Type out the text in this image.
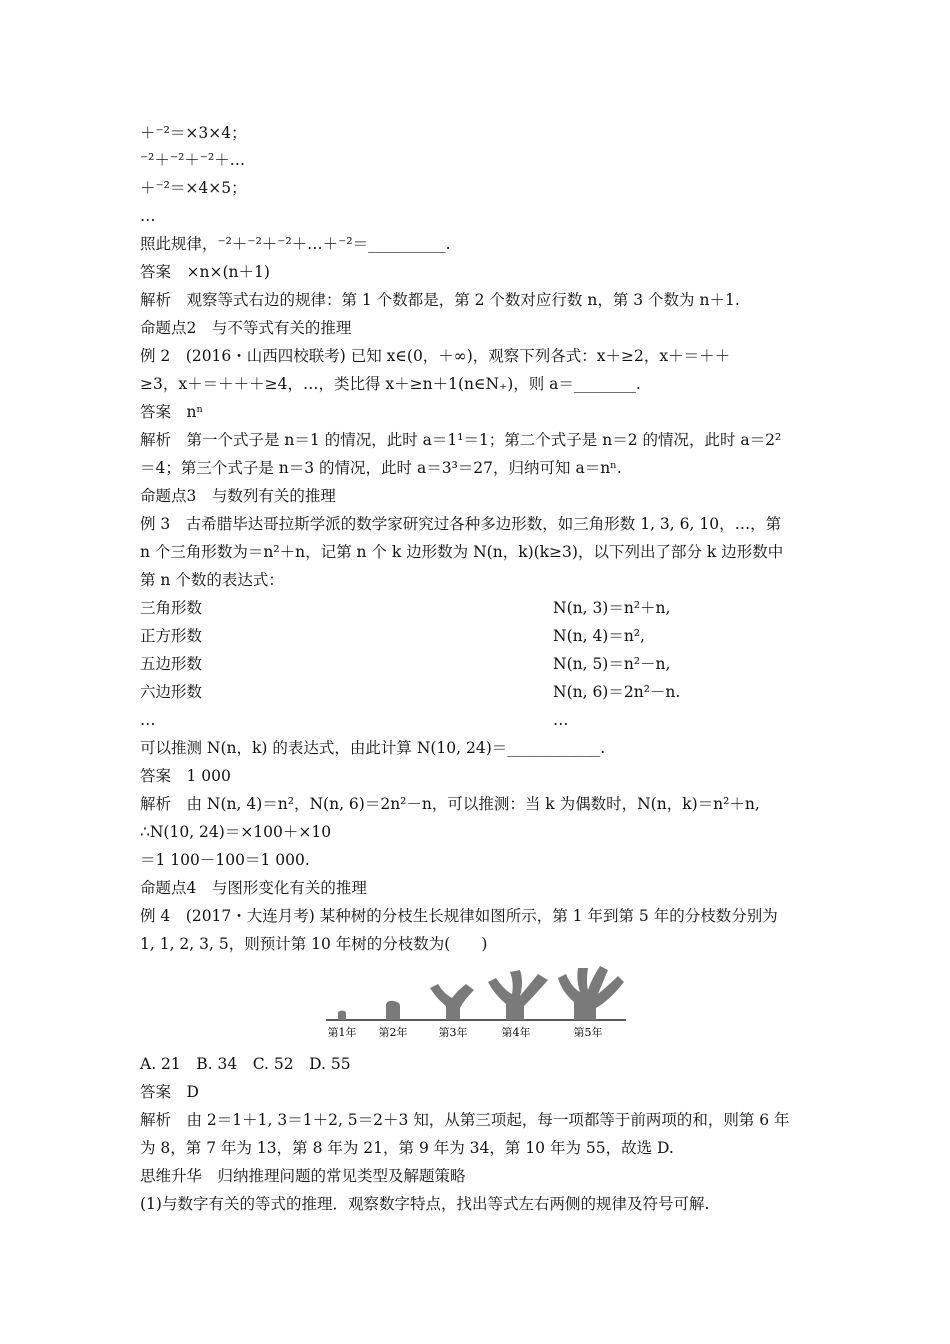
＋⁻²＝×3×4；
⁻²＋⁻²＋⁻²＋…
＋⁻²＝×4×5；
…
照此规律，⁻²＋⁻²＋⁻²＋…＋⁻²＝__________.
答案　×n×(n＋1)
解析　观察等式右边的规律：第 1 个数都是，第 2 个数对应行数 n，第 3 个数为 n＋1.
命题点2　与不等式有关的推理
例 2　(2016・山西四校联考) 已知 x∈(0，＋∞)，观察下列各式：x＋≥2，x＋＝＋＋
≥3，x＋＝＋＋＋≥4，…，类比得 x＋≥n＋1(n∈N₊)，则 a＝________.
答案　nⁿ
解析　第一个式子是 n＝1 的情况，此时 a＝1¹＝1；第二个式子是 n＝2 的情况，此时 a＝2²
＝4；第三个式子是 n＝3 的情况，此时 a＝3³＝27，归纳可知 a＝nⁿ.
命题点3　与数列有关的推理
例 3　古希腊毕达哥拉斯学派的数学家研究过各种多边形数，如三角形数 1, 3, 6, 10，…，第
n 个三角形数为＝n²＋n，记第 n 个 k 边形数为 N(n，k)(k≥3)，以下列出了部分 k 边形数中
第 n 个数的表达式：
三角形数	N(n, 3)＝n²＋n,
正方形数	N(n, 4)＝n²,
五边形数	N(n, 5)＝n²－n,
六边形数	N(n, 6)＝2n²－n.
…	…
可以推测 N(n，k) 的表达式，由此计算 N(10, 24)＝____________.
答案　1 000
解析　由 N(n, 4)＝n²，N(n, 6)＝2n²－n，可以推测：当 k 为偶数时，N(n，k)＝n²＋n,
∴N(10, 24)＝×100＋×10
＝1 100－100＝1 000.
命题点4　与图形变化有关的推理
例 4　(2017・大连月考) 某种树的分枝生长规律如图所示，第 1 年到第 5 年的分枝数分别为
1, 1, 2, 3, 5，则预计第 10 年树的分枝数为(　　)
第1年 第2年	第3年	第4年	第5年
A. 21　B. 34　C. 52　D. 55
答案　D
解析　由 2＝1＋1, 3＝1＋2, 5＝2＋3 知，从第三项起，每一项都等于前两项的和，则第 6 年
为 8，第 7 年为 13，第 8 年为 21，第 9 年为 34，第 10 年为 55，故选 D.
思维升华　归纳推理问题的常见类型及解题策略
(1)与数字有关的等式的推理．观察数字特点，找出等式左右两侧的规律及符号可解.
